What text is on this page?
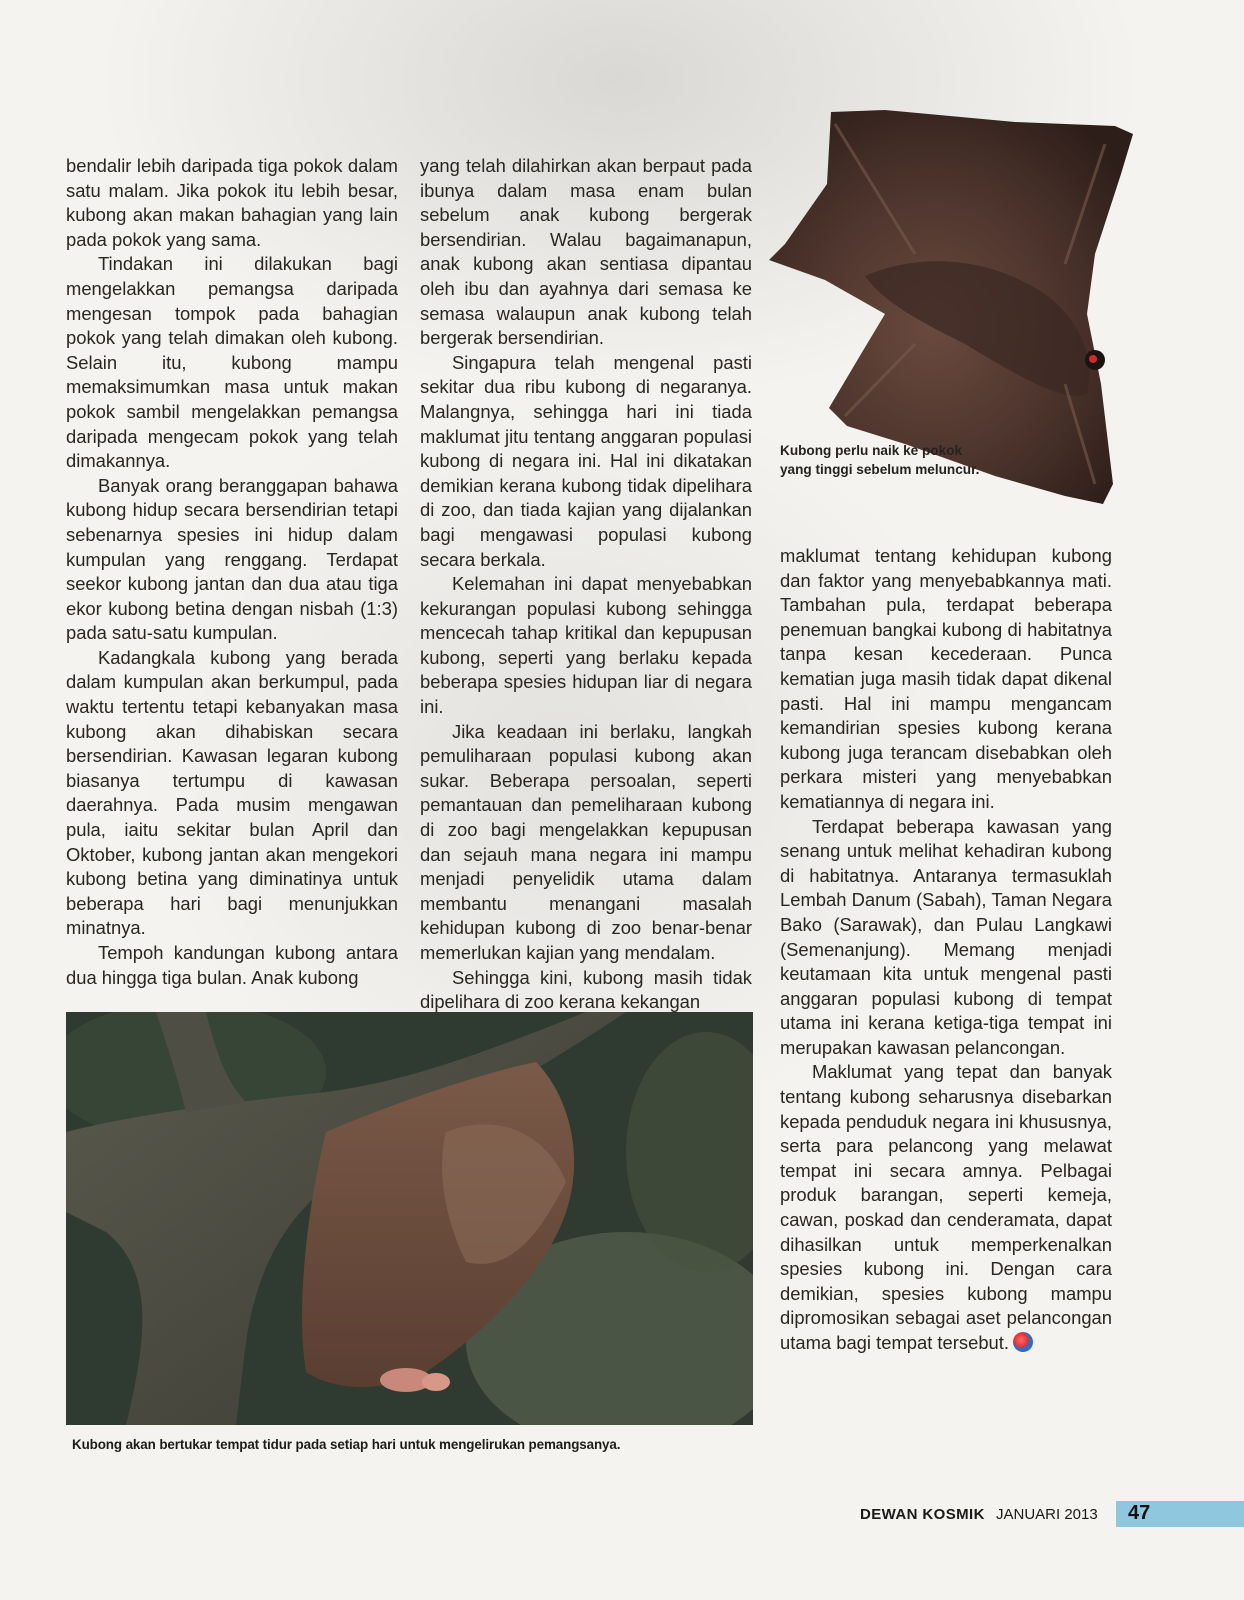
bendalir lebih daripada tiga pokok dalam satu malam. Jika pokok itu lebih besar, kubong akan makan bahagian yang lain pada pokok yang sama.

Tindakan ini dilakukan bagi mengelakkan pemangsa daripada mengesan tompok pada bahagian pokok yang telah dimakan oleh kubong. Selain itu, kubong mampu memaksimumkan masa untuk makan pokok sambil mengelakkan pemangsa daripada mengecam pokok yang telah dimakannya.

Banyak orang beranggapan bahawa kubong hidup secara bersendirian tetapi sebenarnya spesies ini hidup dalam kumpulan yang renggang. Terdapat seekor kubong jantan dan dua atau tiga ekor kubong betina dengan nisbah (1:3) pada satu-satu kumpulan.

Kadangkala kubong yang berada dalam kumpulan akan berkumpul, pada waktu tertentu tetapi kebanyakan masa kubong akan dihabiskan secara bersendirian. Kawasan legaran kubong biasanya tertumpu di kawasan daerahnya. Pada musim mengawan pula, iaitu sekitar bulan April dan Oktober, kubong jantan akan mengekori kubong betina yang diminatinya untuk beberapa hari bagi menunjukkan minatnya.

Tempoh kandungan kubong antara dua hingga tiga bulan. Anak kubong

yang telah dilahirkan akan berpaut pada ibunya dalam masa enam bulan sebelum anak kubong bergerak bersendirian. Walau bagaimanapun, anak kubong akan sentiasa dipantau oleh ibu dan ayahnya dari semasa ke semasa walaupun anak kubong telah bergerak bersendirian.

Singapura telah mengenal pasti sekitar dua ribu kubong di negaranya. Malangnya, sehingga hari ini tiada maklumat jitu tentang anggaran populasi kubong di negara ini. Hal ini dikatakan demikian kerana kubong tidak dipelihara di zoo, dan tiada kajian yang dijalankan bagi mengawasi populasi kubong secara berkala.

Kelemahan ini dapat menyebabkan kekurangan populasi kubong sehingga mencecah tahap kritikal dan kepupusan kubong, seperti yang berlaku kepada beberapa spesies hidupan liar di negara ini.

Jika keadaan ini berlaku, langkah pemuliharaan populasi kubong akan sukar. Beberapa persoalan, seperti pemantauan dan pemeliharaan kubong di zoo bagi mengelakkan kepupusan dan sejauh mana negara ini mampu menjadi penyelidik utama dalam membantu menangani masalah kehidupan kubong di zoo benar-benar memerlukan kajian yang mendalam.

Sehingga kini, kubong masih tidak dipelihara di zoo kerana kekangan

Kubong perlu naik ke pokok yang tinggi sebelum meluncur.

maklumat tentang kehidupan kubong dan faktor yang menyebabkannya mati. Tambahan pula, terdapat beberapa penemuan bangkai kubong di habitatnya tanpa kesan kecederaan. Punca kematian juga masih tidak dapat dikenal pasti. Hal ini mampu mengancam kemandirian spesies kubong kerana kubong juga terancam disebabkan oleh perkara misteri yang menyebabkan kematiannya di negara ini.

Terdapat beberapa kawasan yang senang untuk melihat kehadiran kubong di habitatnya. Antaranya termasuklah Lembah Danum (Sabah), Taman Negara Bako (Sarawak), dan Pulau Langkawi (Semenanjung). Memang menjadi keutamaan kita untuk mengenal pasti anggaran populasi kubong di tempat utama ini kerana ketiga-tiga tempat ini merupakan kawasan pelancongan.

Maklumat yang tepat dan banyak tentang kubong seharusnya disebarkan kepada penduduk negara ini khususnya, serta para pelancong yang melawat tempat ini secara amnya. Pelbagai produk barangan, seperti kemeja, cawan, poskad dan cenderamata, dapat dihasilkan untuk memperkenalkan spesies kubong ini. Dengan cara demikian, spesies kubong mampu dipromosikan sebagai aset pelancongan utama bagi tempat tersebut.

Kubong akan bertukar tempat tidur pada setiap hari untuk mengelirukan pemangsanya.
DEWAN KOSMIK JANUARI 2013 47
